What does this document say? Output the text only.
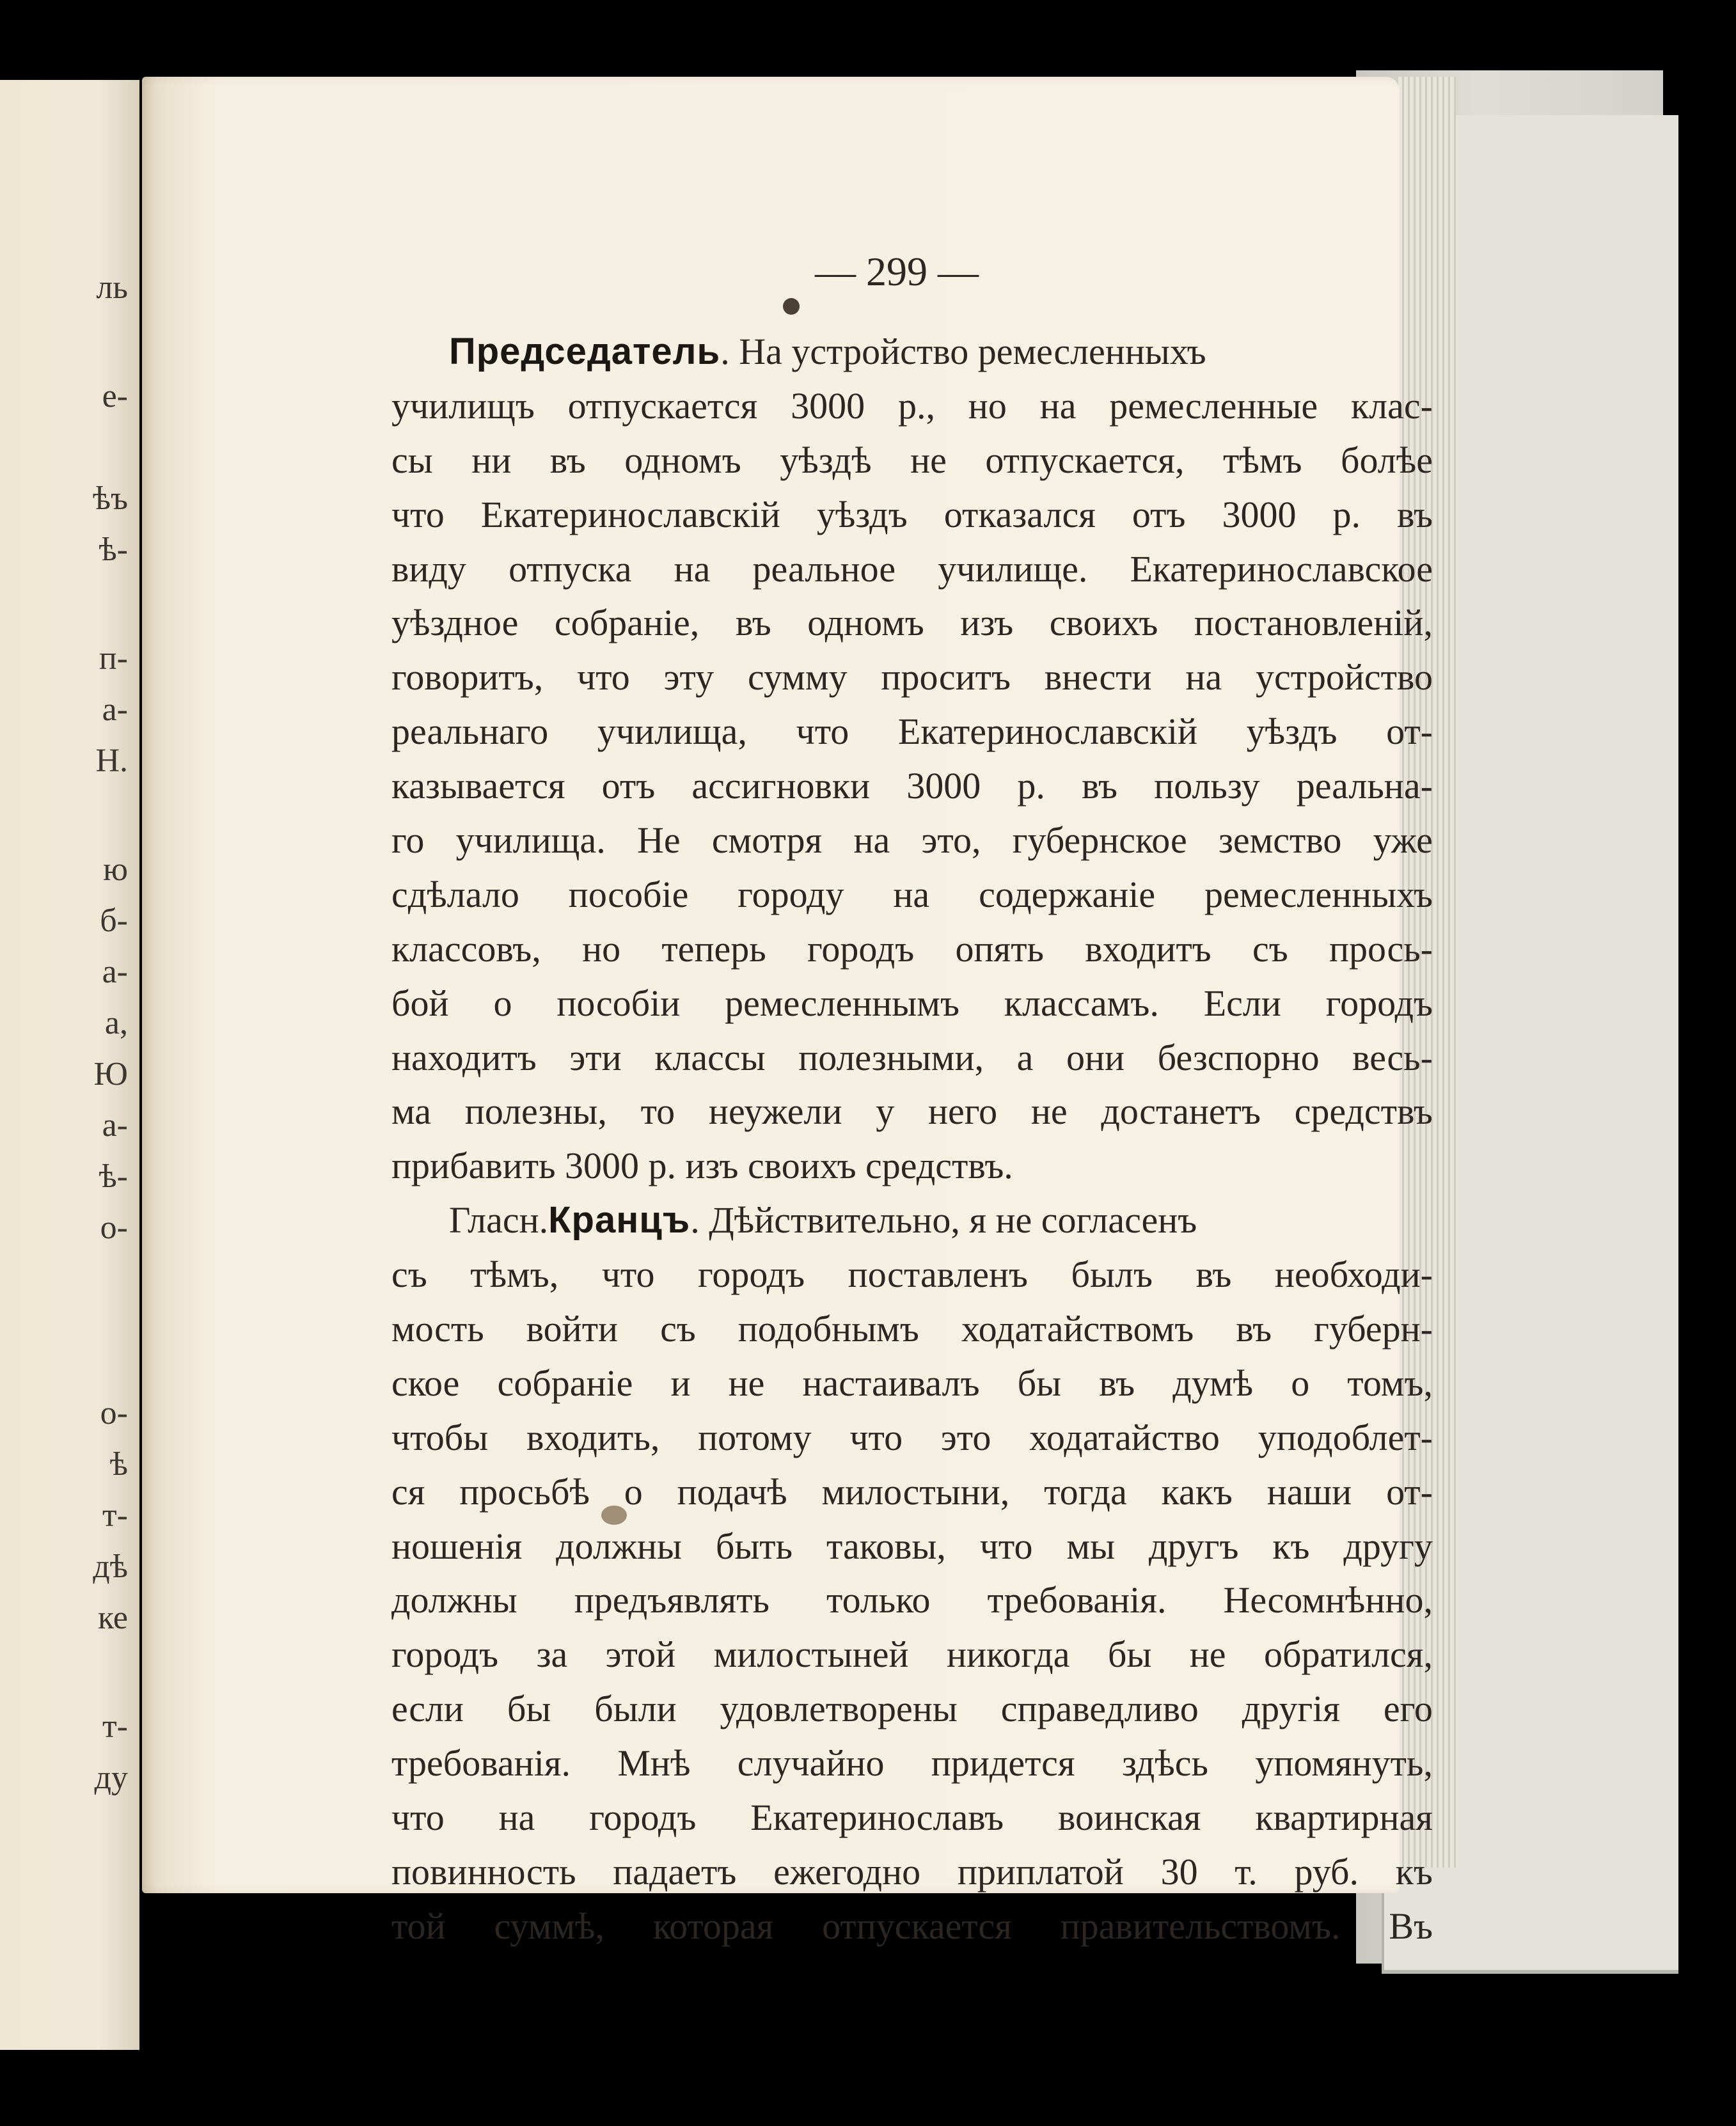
ль
е-
ѣъ
ѣ-
п-
а-
Н.
ю
б-
а-
а,
Ю
а-
ѣ-
о-
о-
ѣ
т-
дѣ
ке
т-
ду
— 299 —
Председатель . На устройство ремесленныхъ
училищъ отпускается 3000 р., но на ремесленные клас-
сы ни въ одномъ уѣздѣ не отпускается, тѣмъ болѣе
что Екатеринославскій уѣздъ отказался отъ 3000 р. въ
виду отпуска на реальное училище. Екатеринославское
уѣздное собраніе, въ одномъ изъ своихъ постановленій,
говоритъ, что эту сумму проситъ внести на устройство
реальнаго училища, что Екатеринославскій уѣздъ от-
казывается отъ ассигновки 3000 р. въ пользу реальна-
го училища. Не смотря на это, губернское земство уже
сдѣлало пособіе городу на содержаніе ремесленныхъ
классовъ, но теперь городъ опять входитъ съ прось-
бой о пособіи ремесленнымъ классамъ. Если городъ
находитъ эти классы полезными, а они безспорно весь-
ма полезны, то неужели у него не достанетъ средствъ
прибавить 3000 р. изъ своихъ средствъ.
Гласн. Кранцъ . Дѣйствительно, я не согласенъ
съ тѣмъ, что городъ поставленъ былъ въ необходи-
мость войти съ подобнымъ ходатайствомъ въ губерн-
ское собраніе и не настаивалъ бы въ думѣ о томъ,
чтобы входить, потому что это ходатайство уподоблет-
ся просьбѣ о подачѣ милостыни, тогда какъ наши от-
ношенія должны быть таковы, что мы другъ къ другу
должны предъявлять только требованія. Несомнѣнно,
городъ за этой милостыней никогда бы не обратился,
если бы были удовлетворены справедливо другія его
требованія. Мнѣ случайно придется здѣсь упомянуть,
что на городъ Екатеринославъ воинская квартирная
повинность падаетъ ежегодно приплатой 30 т. руб. къ
той суммѣ, которая отпускается правительствомъ. Въ
